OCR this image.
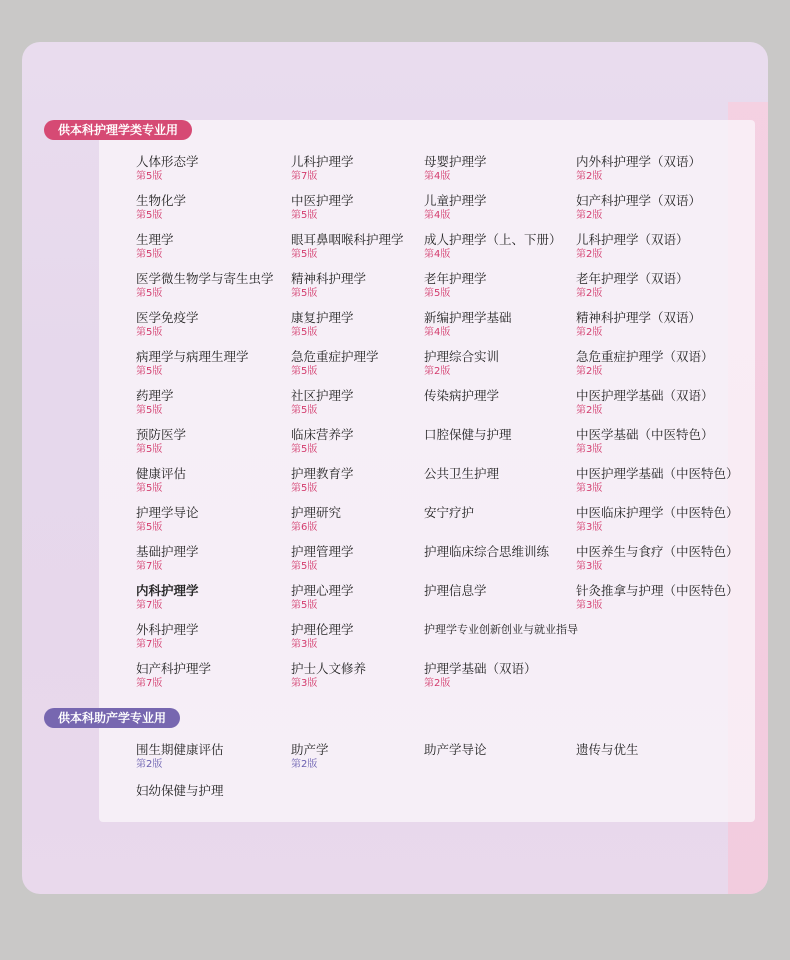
供本科护理学类专业用
供本科助产学专业用
人体形态学
第5版
生物化学
第5版
生理学
第5版
医学微生物学与寄生虫学
第5版
医学免疫学
第5版
病理学与病理生理学
第5版
药理学
第5版
预防医学
第5版
健康评估
第5版
护理学导论
第5版
基础护理学
第7版
内科护理学
第7版
外科护理学
第7版
妇产科护理学
第7版
儿科护理学
第7版
中医护理学
第5版
眼耳鼻咽喉科护理学
第5版
精神科护理学
第5版
康复护理学
第5版
急危重症护理学
第5版
社区护理学
第5版
临床营养学
第5版
护理教育学
第5版
护理研究
第6版
护理管理学
第5版
护理心理学
第5版
护理伦理学
第3版
护士人文修养
第3版
母婴护理学
第4版
儿童护理学
第4版
成人护理学（上、下册）
第4版
老年护理学
第5版
新编护理学基础
第4版
护理综合实训
第2版
传染病护理学
口腔保健与护理
公共卫生护理
安宁疗护
护理临床综合思维训练
护理信息学
护理学专业创新创业与就业指导
护理学基础（双语）
第2版
内外科护理学（双语）
第2版
妇产科护理学（双语）
第2版
儿科护理学（双语）
第2版
老年护理学（双语）
第2版
精神科护理学（双语）
第2版
急危重症护理学（双语）
第2版
中医护理学基础（双语）
第2版
中医学基础（中医特色）
第3版
中医护理学基础（中医特色）
第3版
中医临床护理学（中医特色）
第3版
中医养生与食疗（中医特色）
第3版
针灸推拿与护理（中医特色）
第3版
围生期健康评估
第2版
妇幼保健与护理
助产学
第2版
助产学导论	遗传与优生
